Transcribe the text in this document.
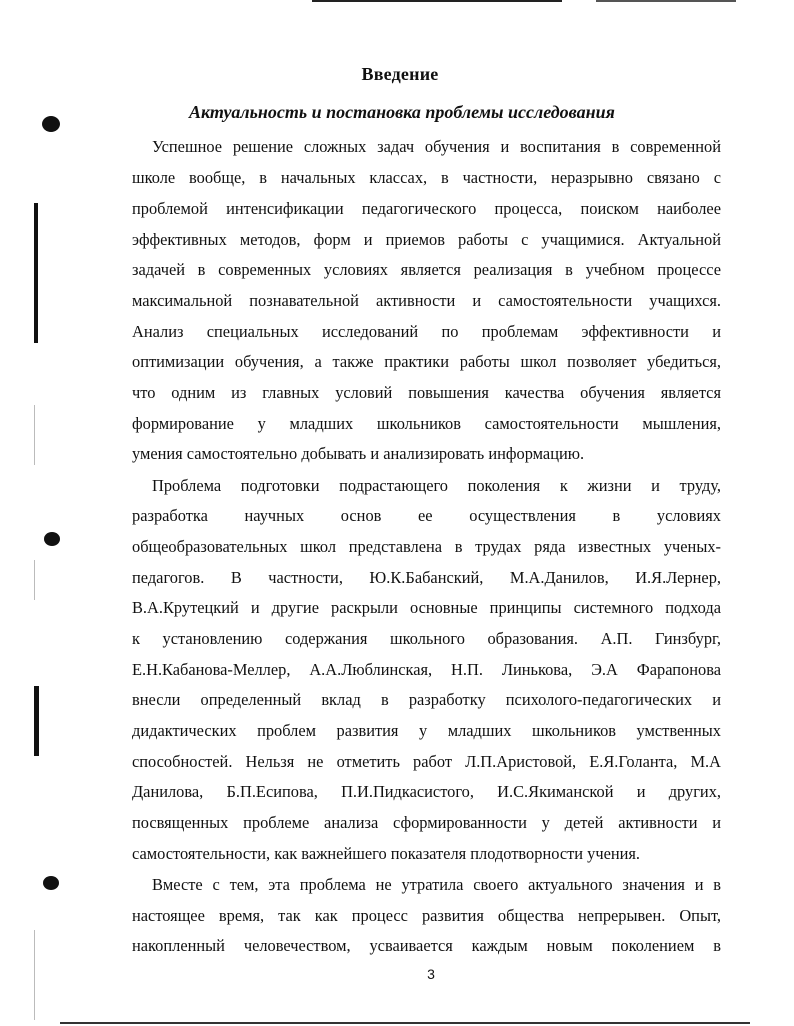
Введение
Актуальность и постановка проблемы исследования
Успешное решение сложных задач обучения и воспитания в современной
школе вообще, в начальных классах, в частности, неразрывно связано с
проблемой интенсификации педагогического процесса, поиском наиболее
эффективных методов, форм и приемов работы с учащимися. Актуальной
задачей в современных условиях является реализация в учебном процессе
максимальной познавательной активности и самостоятельности учащихся.
Анализ специальных исследований по проблемам эффективности и
оптимизации обучения, а также практики работы школ позволяет убедиться,
что одним из главных условий повышения качества обучения является
формирование у младших школьников самостоятельности мышления,
умения самостоятельно добывать и анализировать информацию.
Проблема подготовки подрастающего поколения к жизни и труду,
разработка научных основ ее осуществления в условиях
общеобразовательных школ представлена в трудах ряда известных ученых-
педагогов. В частности, Ю.К.Бабанский, М.А.Данилов, И.Я.Лернер,
В.А.Крутецкий и другие раскрыли основные принципы системного подхода
к установлению содержания школьного образования. А.П. Гинзбург,
Е.Н.Кабанова-Меллер, А.А.Люблинская, Н.П. Линькова, Э.А Фарапонова
внесли определенный вклад в разработку психолого-педагогических и
дидактических проблем развития у младших школьников умственных
способностей. Нельзя не отметить работ Л.П.Аристовой, Е.Я.Голанта, М.А
Данилова, Б.П.Есипова, П.И.Пидкасистого, И.С.Якиманской и других,
посвященных проблеме анализа сформированности у детей активности и
самостоятельности, как важнейшего показателя плодотворности учения.
Вместе с тем, эта проблема не утратила своего актуального значения и в
настоящее время, так как процесс развития общества непрерывен. Опыт,
накопленный человечеством, усваивается каждым новым поколением в
3
